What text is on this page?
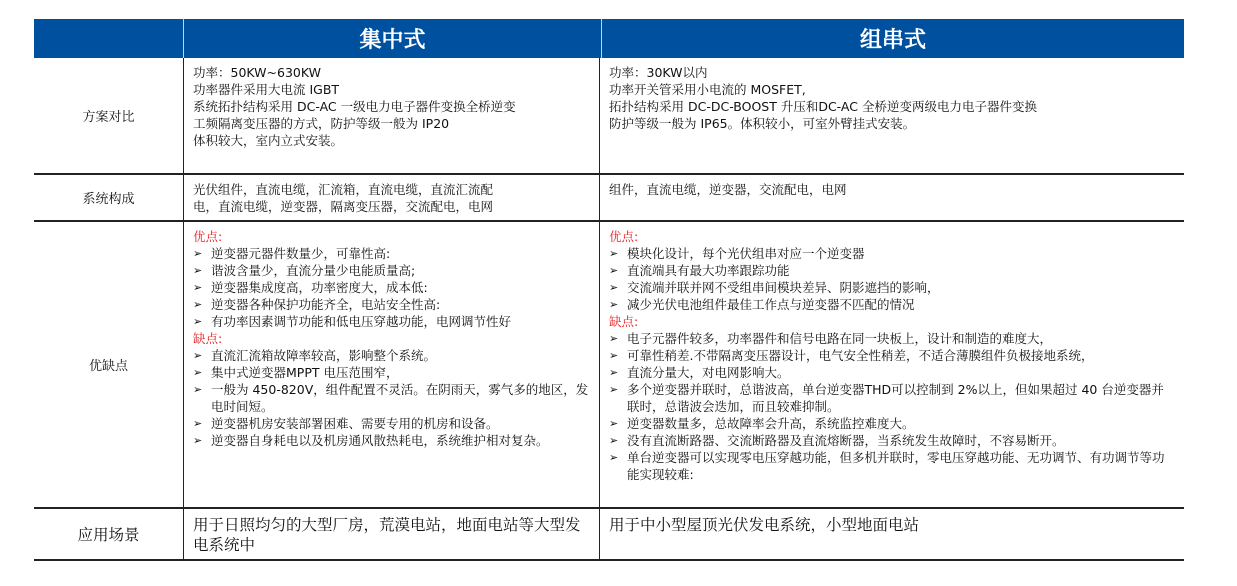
集中式	组串式
方案对比
功率：50KW~630KW
功率器件采用大电流 IGBT
系统拓扑结构采用 DC-AC 一级电力电子器件变换全桥逆变
工频隔离变压器的方式，防护等级一般为 IP20
体积较大，室内立式安装。
功率：30KW以内
功率开关管采用小电流的 MOSFET,
拓扑结构采用 DC-DC-BOOST 升压和DC-AC 全桥逆变两级电力电子器件变换
防护等级一般为 IP65。体积较小，可室外臂挂式安装。
系统构成
光伏组件，直流电缆，汇流箱，直流电缆，直流汇流配
电，直流电缆，逆变器，隔离变压器，交流配电，电网
组件，直流电缆，逆变器，交流配电，电网
优缺点
优点:
➢ 逆变器元器件数量少，可靠性高:
➢ 谐波含量少，直流分量少电能质量高;
➢ 逆变器集成度高，功率密度大，成本低:
➢ 逆变器各种保护功能齐全，电站安全性高:
➢ 有功率因素调节功能和低电压穿越功能，电网调节性好
缺点:
➢ 直流汇流箱故障率较高，影响整个系统。
➢ 集中式逆变器MPPT 电压范围窄，
➢ 一般为 450-820V，组件配置不灵活。在阴雨天，雾气多的地区，发电时间短。
➢ 逆变器机房安装部署困难、需要专用的机房和设备。
➢ 逆变器自身耗电以及机房通风散热耗电，系统维护相对复杂。
优点:
➢ 模块化设计，每个光伏组串对应一个逆变器
➢ 直流端具有最大功率跟踪功能
➢ 交流端并联并网不受组串间模块差异、阴影遮挡的影响，
➢ 减少光伏电池组件最佳工作点与逆变器不匹配的情况
缺点:
➢ 电子元器件较多，功率器件和信号电路在同一块板上，设计和制造的难度大，
➢ 可靠性稍差.不带隔离变压器设计，电气安全性稍差，不适合薄膜组件负极接地系统，
➢ 直流分量大，对电网影响大。
➢ 多个逆变器并联时，总谐波高，单台逆变器THD可以控制到 2%以上，但如果超过 40 台逆变器并联时，总谐波会迭加，而且较难抑制。
➢ 逆变器数量多，总故障率会升高，系统监控难度大。
➢ 没有直流断路器、交流断路器及直流熔断器，当系统发生故障时，不容易断开。
➢ 单台逆变器可以实现零电压穿越功能，但多机并联时，零电压穿越功能、无功调节、有功调节等功能实现较难:
应用场景
用于日照均匀的大型厂房，荒漠电站，地面电站等大型发电系统中
用于中小型屋顶光伏发电系统，小型地面电站
